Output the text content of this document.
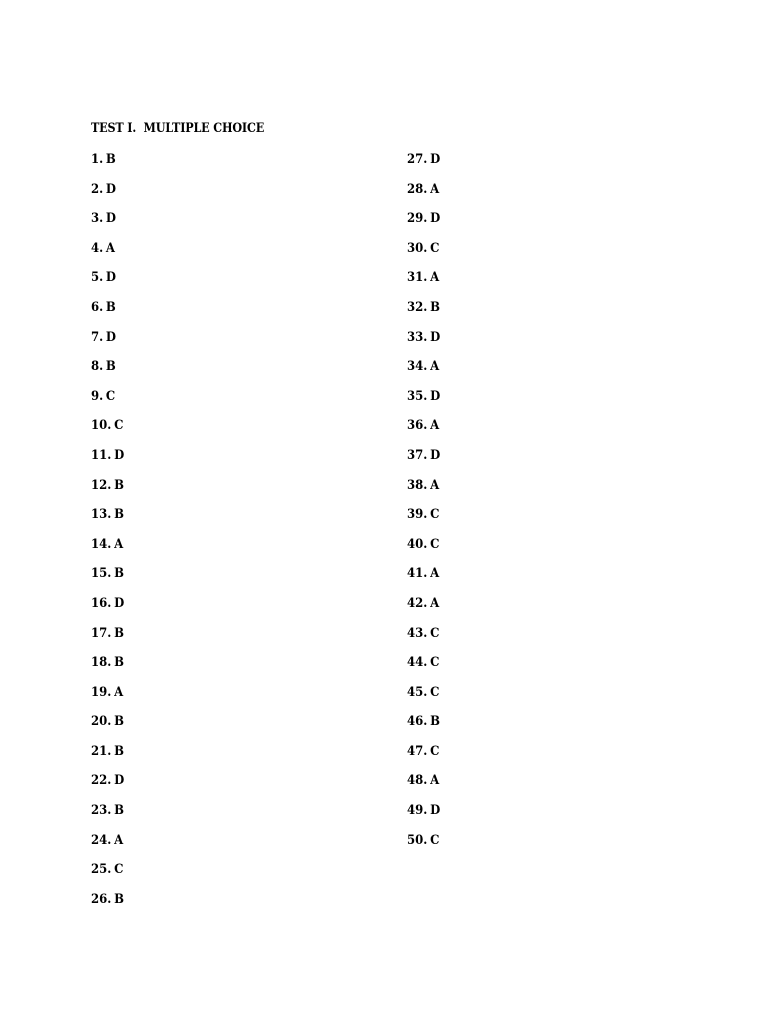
TEST I.  MULTIPLE CHOICE
1. B
2. D
3. D
4. A
5. D
6. B
7. D
8. B
9. C
10. C
11. D
12. B
13. B
14. A
15. B
16. D
17. B
18. B
19. A
20. B
21. B
22. D
23. B
24. A
25. C
26. B
27. D
28. A
29. D
30. C
31. A
32. B
33. D
34. A
35. D
36. A
37. D
38. A
39. C
40. C
41. A
42. A
43. C
44. C
45. C
46. B
47. C
48. A
49. D
50. C
